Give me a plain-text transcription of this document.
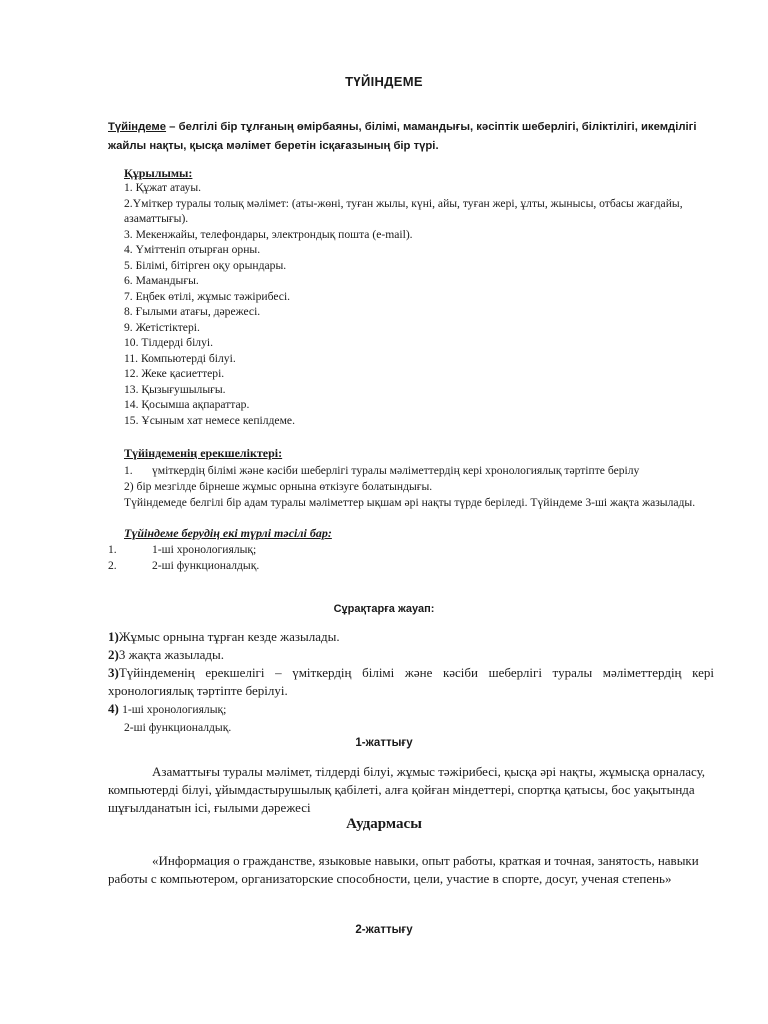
ТҮЙІНДЕМЕ
Түйіндеме – белгілі бір тұлғаның өмірбаяны, білімі, мамандығы, кәсіптік шеберлігі, біліктілігі, икемділігі жайлы нақты, қысқа мәлімет беретін ісқағазының бір түрі.
Құрылымы:
1. Құжат атауы.
2.Үміткер туралы толық мәлімет: (аты-жөні, туған жылы, күні, айы, туған жері, ұлты, жынысы, отбасы жағдайы, азаматтығы).
3. Мекенжайы, телефондары, электрондық пошта (e-mail).
4. Үміттеніп отырған орны.
5. Білімі, бітірген оқу орындары.
6. Мамандығы.
7. Еңбек өтілі, жұмыс тәжірибесі.
8. Ғылыми атағы, дәрежесі.
9. Жетістіктері.
10. Тілдерді білуі.
11. Компьютерді білуі.
12. Жеке қасиеттері.
13. Қызығушылығы.
14. Қосымша ақпараттар.
15. Ұсыным хат немесе кепілдеме.
Түйіндеменің ерекшеліктері:
1. үміткердің білімі және кәсіби шеберлігі туралы мәліметтердің кері хронологиялық тәртіпте берілу
2) бір мезгілде бірнеше жұмыс орнына өткізуге болатындығы.
Түйіндемеде белгілі бір адам туралы мәліметтер ықшам әрі нақты түрде беріледі. Түйіндеме 3-ші жақта жазылады.
Түйіндеме берудің екі түрлі тәсілі бар:
1.	1-ші хронологиялық;
2.	2-ші функционалдық.
Сұрақтарға жауап:
1)Жұмыс орнына тұрған кезде жазылады.
2)3 жақта жазылады.
3)Түйіндеменің ерекшелігі – үміткердің білімі және кәсіби шеберлігі туралы мәліметтердің кері хронологиялық тәртіпте берілуі.
4) 1-ші хронологиялық;
2-ші функционалдық.
1-жаттығу
Азаматтығы туралы мәлімет, тілдерді білуі, жұмыс тәжірибесі, қысқа әрі нақты, жұмысқа орналасу, компьютерді білуі, ұйымдастырушылық қабілеті, алға қойған міндеттері, спортқа қатысы, бос уақытында шұғылданатын ісі, ғылыми дәрежесі
Аудармасы
«Информация о гражданстве, языковые навыки, опыт работы, краткая и точная, занятость, навыки работы с компьютером, организаторские способности, цели, участие в спорте, досуг, ученая степень»
2-жаттығу
